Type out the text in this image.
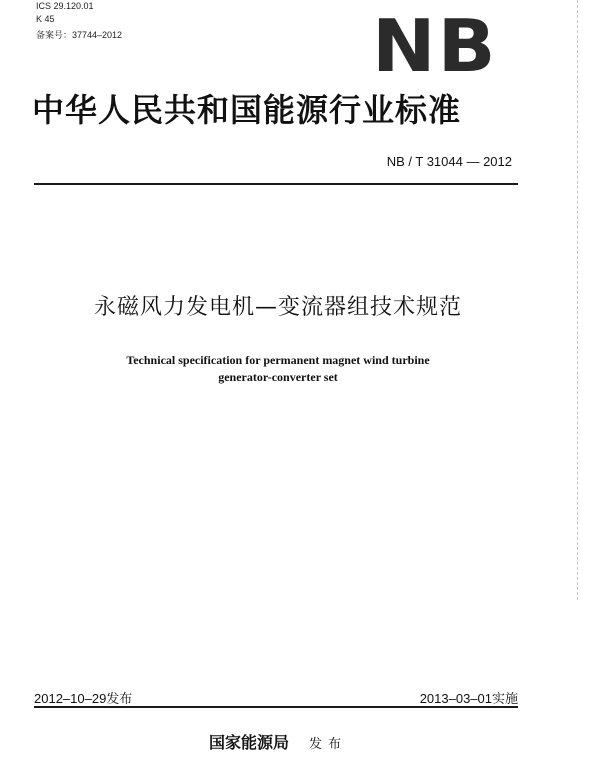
ICS 29.120.01
K 45
备案号：37744–2012	NB
中华人民共和国能源行业标准
NB / T 31044 — 2012
永磁风力发电机—变流器组技术规范
Technical specification for permanent magnet wind turbine
generator-converter set
2012–10–29发布	2013–03–01实施
国家能源局 发布
